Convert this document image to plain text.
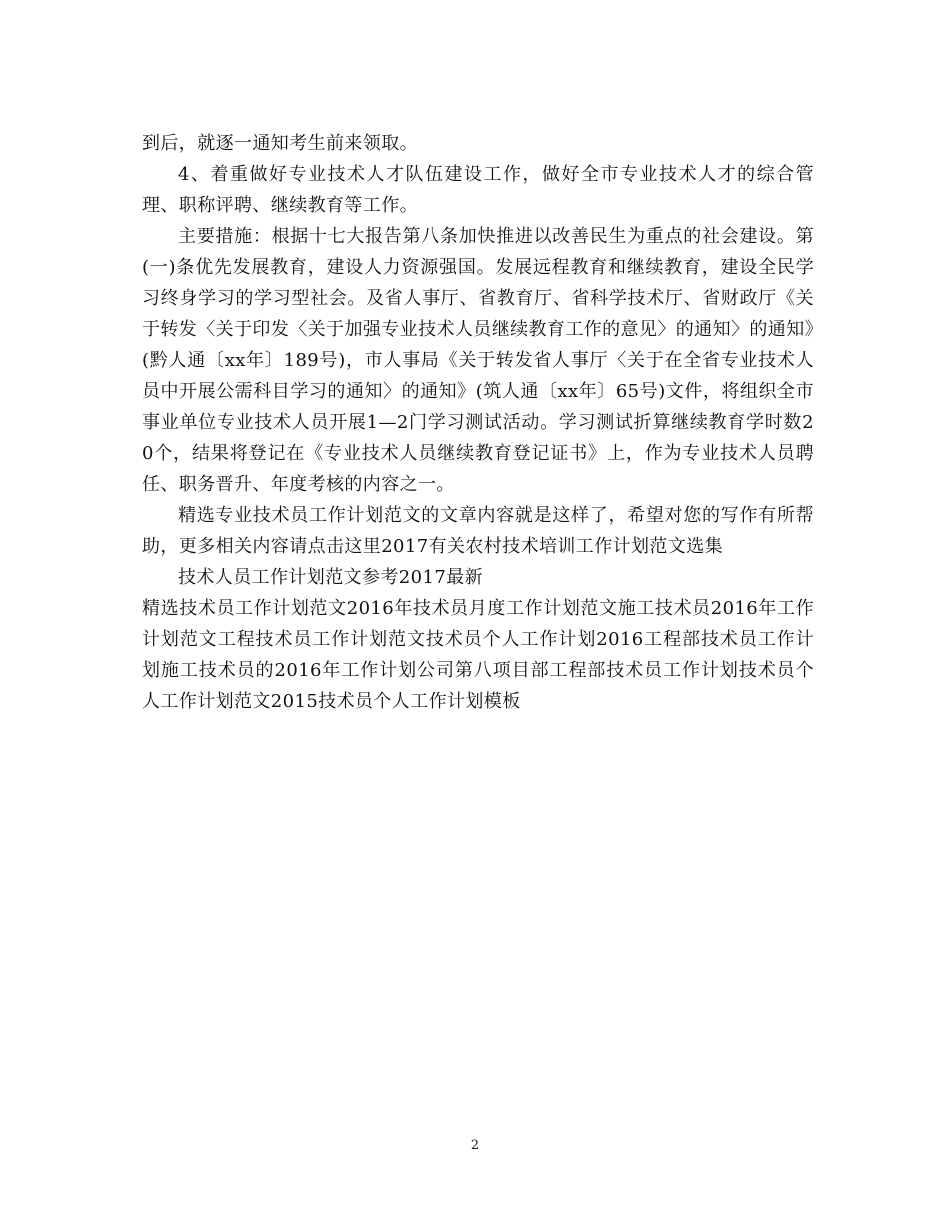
到后，就逐一通知考生前来领取。

4、着重做好专业技术人才队伍建设工作，做好全市专业技术人才的综合管理、职称评聘、继续教育等工作。

主要措施：根据十七大报告第八条加快推进以改善民生为重点的社会建设。第(一)条优先发展教育，建设人力资源强国。发展远程教育和继续教育，建设全民学习终身学习的学习型社会。及省人事厅、省教育厅、省科学技术厅、省财政厅《关于转发〈关于印发〈关于加强专业技术人员继续教育工作的意见〉的通知〉的通知》(黔人通〔xx年〕189号)，市人事局《关于转发省人事厅〈关于在全省专业技术人员中开展公需科目学习的通知〉的通知》(筑人通〔xx年〕65号)文件，将组织全市事业单位专业技术人员开展1—2门学习测试活动。学习测试折算继续教育学时数20个，结果将登记在《专业技术人员继续教育登记证书》上，作为专业技术人员聘任、职务晋升、年度考核的内容之一。

精选专业技术员工作计划范文的文章内容就是这样了，希望对您的写作有所帮助，更多相关内容请点击这里2017有关农村技术培训工作计划范文选集

技术人员工作计划范文参考2017最新

精选技术员工作计划范文2016年技术员月度工作计划范文施工技术员2016年工作计划范文工程技术员工作计划范文技术员个人工作计划2016工程部技术员工作计划施工技术员的2016年工作计划公司第八项目部工程部技术员工作计划技术员个人工作计划范文2015技术员个人工作计划模板

2
